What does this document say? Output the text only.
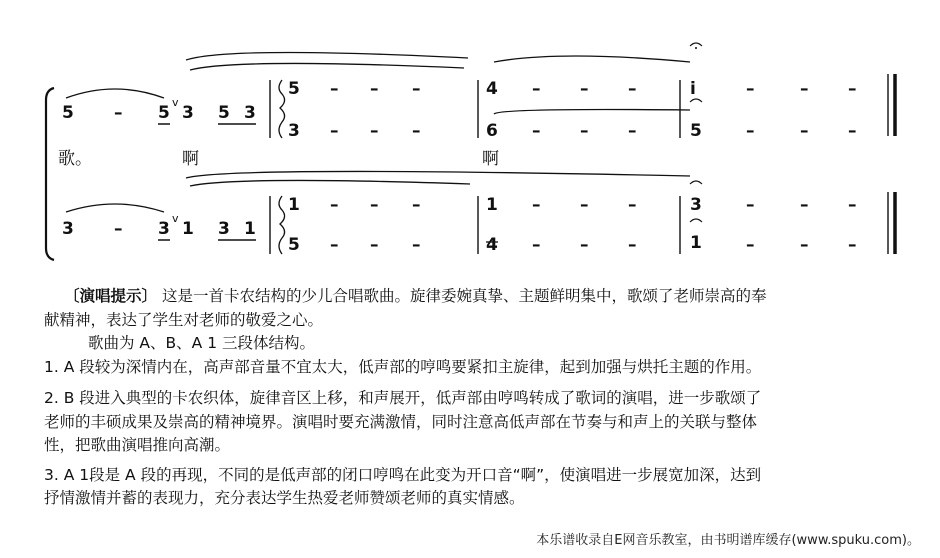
5 – 5
v
3 5 3
5
3
– – –
– – –
4
6
– – –
– – –
i
5
–	– –
–	– –
歌。	啊	啊
3 – 3
v
1 3 1
1
5
– – –
– – –
1
4
– – –
– – –
3
1
–	– –
–	– –
〔演唱提示〕 这是一首卡农结构的少儿合唱歌曲。旋律委婉真挚、主题鲜明集中，歌颂了老师崇高的奉
献精神，表达了学生对老师的敬爱之心。
歌曲为 A、B、A 1 三段体结构。
1. A 段较为深情内在，高声部音量不宜太大，低声部的哼鸣要紧扣主旋律，起到加强与烘托主题的作用。
2. B 段进入典型的卡农织体，旋律音区上移，和声展开，低声部由哼鸣转成了歌词的演唱，进一步歌颂了
老师的丰硕成果及崇高的精神境界。演唱时要充满激情，同时注意高低声部在节奏与和声上的关联与整体
性，把歌曲演唱推向高潮。
3. A 1段是 A 段的再现，不同的是低声部的闭口哼鸣在此变为开口音“啊”，使演唱进一步展宽加深，达到
抒情激情并蓄的表现力，充分表达学生热爱老师赞颂老师的真实情感。
本乐谱收录自E网音乐教室，由书明谱库缓存(www.spuku.com)。
